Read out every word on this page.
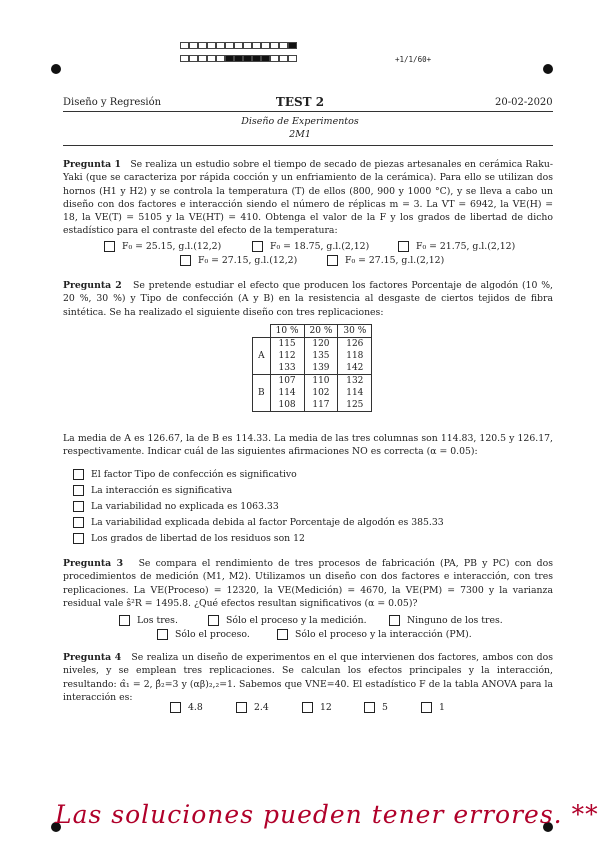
+1/1/60+
Diseño y Regresión	TEST 2	20-02-2020
Diseño de Experimentos
2M1
Pregunta 1 Se realiza un estudio sobre el tiempo de secado de piezas artesanales en cerámica Raku-Yaki (que se caracteriza por rápida cocción y un enfriamiento de la cerámica). Para ello se utilizan dos hornos (H1 y H2) y se controla la temperatura (T) de ellos (800, 900 y 1000 °C), y se lleva a cabo un diseño con dos factores e interacción siendo el número de réplicas m = 3. La VT = 6942, la VE(H) = 18, la VE(T) = 5105 y la VE(HT) = 410. Obtenga el valor de la F y los grados de libertad de dicho estadístico para el contraste del efecto de la temperatura:
F₀ = 25.15, g.l.(12,2)	F₀ = 18.75, g.l.(2,12)	F₀ = 21.75, g.l.(2,12)
F₀ = 27.15, g.l.(12,2)	F₀ = 27.15, g.l.(2,12)
Pregunta 2 Se pretende estudiar el efecto que producen los factores Porcentaje de algodón (10 %, 20 %, 30 %) y Tipo de confección (A y B) en la resistencia al desgaste de ciertos tejidos de fibra sintética. Se ha realizado el siguiente diseño con tres replicaciones:
	10 %	20 %	30 %
A	115	120	126
	112	135	118
	133	139	142
B	107	110	132
	114	102	114
	108	117	125
La media de A es 126.67, la de B es 114.33. La media de las tres columnas son 114.83, 120.5 y 126.17, respectivamente. Indicar cuál de las siguientes afirmaciones NO es correcta (α = 0.05):
El factor Tipo de confección es significativo
La interacción es significativa
La variabilidad no explicada es 1063.33
La variabilidad explicada debida al factor Porcentaje de algodón es 385.33
Los grados de libertad de los residuos son 12
Pregunta 3 Se compara el rendimiento de tres procesos de fabricación (PA, PB y PC) con dos procedimientos de medición (M1, M2). Utilizamos un diseño con dos factores e interacción, con tres replicaciones. La VE(Proceso) = 12320, la VE(Medición) = 4670, la VE(PM) = 7300 y la varianza residual vale ŝ²R = 1495.8. ¿Qué efectos resultan significativos (α = 0.05)?
Los tres.	Sólo el proceso y la medición.	Ninguno de los tres.
Sólo el proceso.	Sólo el proceso y la interacción (PM).
Pregunta 4 Se realiza un diseño de experimentos en el que intervienen dos factores, ambos con dos niveles, y se emplean tres replicaciones. Se calculan los efectos principales y la interacción, resultando: α̂₁ = 2, β̂₂=3 y (αβ)₂,₂=1. Sabemos que VNE=40. El estadístico F de la tabla ANOVA para la interacción es:
4.8	2.4	12	5	1
Las soluciones pueden tener errores. **
